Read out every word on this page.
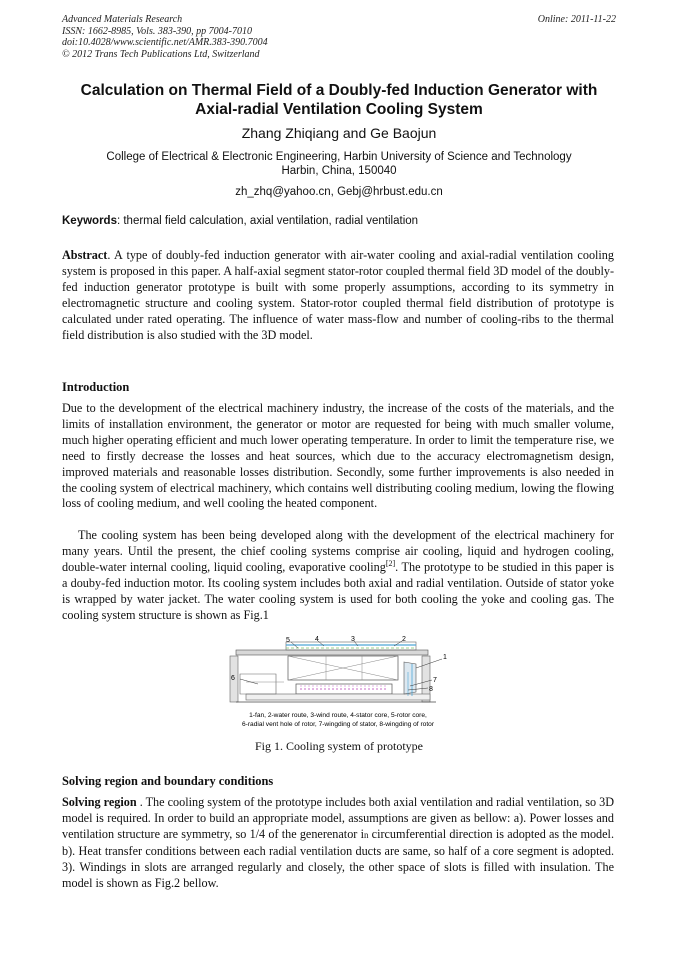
Advanced Materials Research
ISSN: 1662-8985, Vols. 383-390, pp 7004-7010
doi:10.4028/www.scientific.net/AMR.383-390.7004
© 2012 Trans Tech Publications Ltd, Switzerland
Online: 2011-11-22
Calculation on Thermal Field of a Doubly-fed Induction Generator with Axial-radial Ventilation Cooling System
Zhang Zhiqiang and Ge Baojun
College of Electrical & Electronic Engineering, Harbin University of Science and Technology
Harbin, China, 150040
zh_zhq@yahoo.cn, Gebj@hrbust.edu.cn
Keywords: thermal field calculation, axial ventilation, radial ventilation
Abstract. A type of doubly-fed induction generator with air-water cooling and axial-radial ventilation cooling system is proposed in this paper. A half-axial segment stator-rotor coupled thermal field 3D model of the doubly-fed induction generator prototype is built with some properly assumptions, according to its symmetry in electromagnetic structure and cooling system. Stator-rotor coupled thermal field distribution of prototype is calculated under rated operating. The influence of water mass-flow and number of cooling-ribs to the thermal field distribution is also studied with the 3D model.
Introduction
Due to the development of the electrical machinery industry, the increase of the costs of the materials, and the limits of installation environment, the generator or motor are requested for being with much smaller volume, much higher operating efficient and much lower operating temperature. In order to limit the temperature rise, we need to firstly decrease the losses and heat sources, which due to the accuracy electromagnetism design, improved materials and reasonable losses distribution. Secondly, some further improvements is also needed in the cooling system of electrical machinery, which contains well distributing cooling medium, lowing the flowing loss of cooling medium, and well cooling the heated component.
The cooling system has been being developed along with the development of the electrical machinery for many years. Until the present, the chief cooling systems comprise air cooling, liquid and hydrogen cooling, double-water internal cooling, liquid cooling, evaporative cooling[2]. The prototype to be studied in this paper is a douby-fed induction motor. Its cooling system includes both axial and radial ventilation. Outside of stator yoke is wrapped by water jacket. The water cooling system is used for both cooling the yoke and cooling gas. The cooling system structure is shown as Fig.1
5	4	3	2
1
6	7
8
1-fan, 2-water route, 3-wind route, 4-stator core, 5-rotor core,
6-radial vent hole of rotor, 7-wingding of stator, 8-wingding of rotor
Fig 1. Cooling system of prototype
Solving region and boundary conditions
Solving region . The cooling system of the prototype includes both axial ventilation and radial ventilation, so 3D model is required. In order to build an appropriate model, assumptions are given as bellow: a). Power losses and ventilation structure are symmetry, so 1/4 of the generenator in circumferential direction is adopted as the model. b). Heat transfer conditions between each radial ventilation ducts are same, so half of a core segment is adopted. 3). Windings in slots are arranged regularly and closely, the other space of slots is filled with insulation. The model is shown as Fig.2 bellow.
